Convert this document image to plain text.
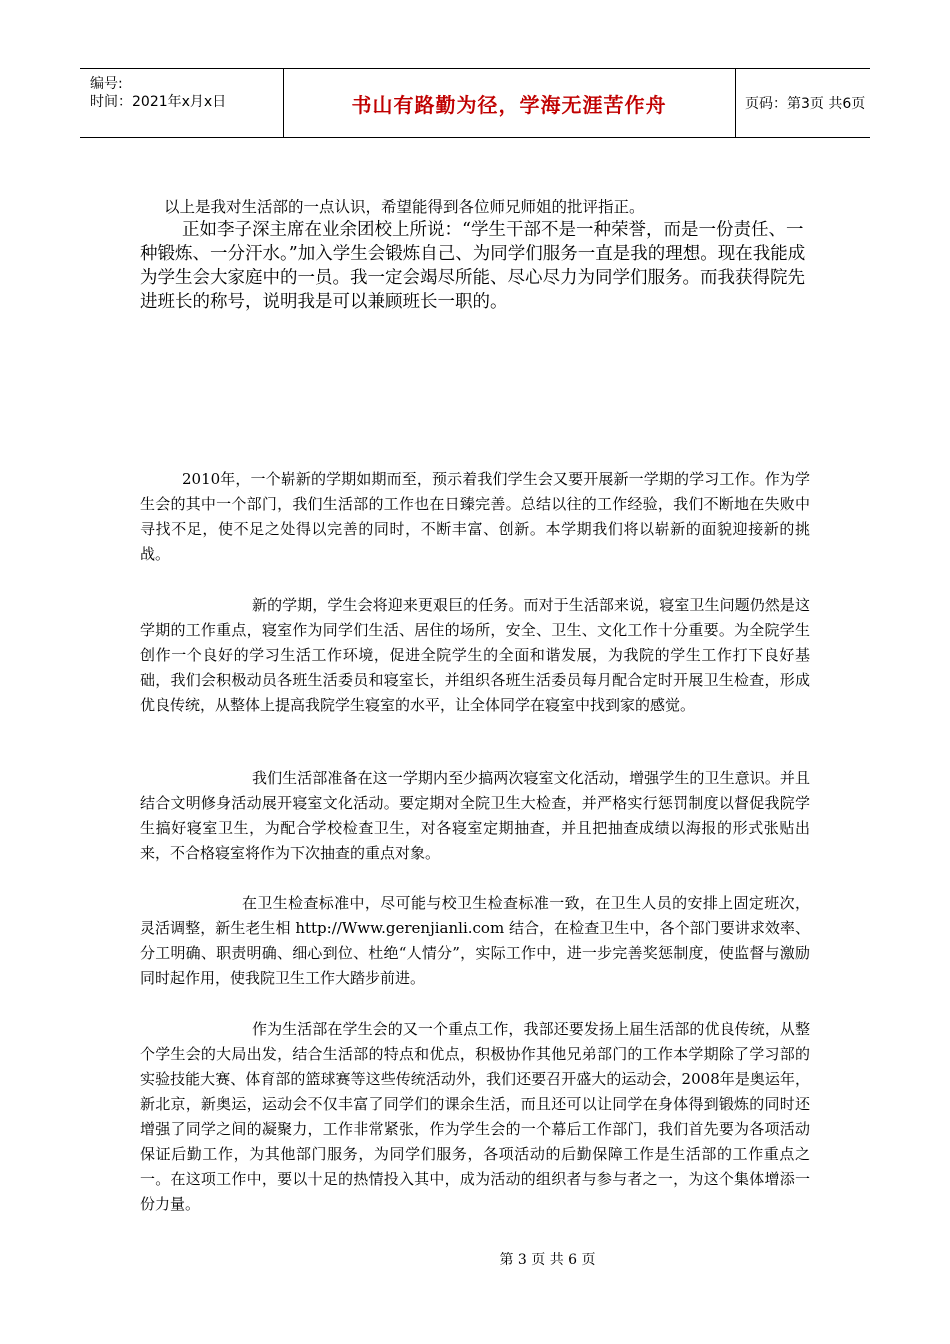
编号:
时间：2021年x月x日	书山有路勤为径，学海无涯苦作舟	页码：第3页 共6页

以上是我对生活部的一点认识，希望能得到各位师兄师姐的批评指正。

正如李子深主席在业余团校上所说：“学生干部不是一种荣誉，而是一份责任、一种锻炼、一分汗水。”加入学生会锻炼自己、为同学们服务一直是我的理想。现在我能成为学生会大家庭中的一员。我一定会竭尽所能、尽心尽力为同学们服务。而我获得院先进班长的称号，说明我是可以兼顾班长一职的。

2010年，一个崭新的学期如期而至，预示着我们学生会又要开展新一学期的学习工作。作为学生会的其中一个部门，我们生活部的工作也在日臻完善。总结以往的工作经验，我们不断地在失败中寻找不足，使不足之处得以完善的同时，不断丰富、创新。本学期我们将以崭新的面貌迎接新的挑战。

新的学期，学生会将迎来更艰巨的任务。而对于生活部来说，寝室卫生问题仍然是这学期的工作重点，寝室作为同学们生活、居住的场所，安全、卫生、文化工作十分重要。为全院学生创作一个良好的学习生活工作环境，促进全院学生的全面和谐发展，为我院的学生工作打下良好基础，我们会积极动员各班生活委员和寝室长，并组织各班生活委员每月配合定时开展卫生检查，形成优良传统，从整体上提高我院学生寝室的水平，让全体同学在寝室中找到家的感觉。

我们生活部准备在这一学期内至少搞两次寝室文化活动，增强学生的卫生意识。并且结合文明修身活动展开寝室文化活动。要定期对全院卫生大检查，并严格实行惩罚制度以督促我院学生搞好寝室卫生，为配合学校检查卫生，对各寝室定期抽查，并且把抽查成绩以海报的形式张贴出来，不合格寝室将作为下次抽查的重点对象。

在卫生检查标准中，尽可能与校卫生检查标准一致，在卫生人员的安排上固定班次，灵活调整，新生老生相 http://Www.gerenjianli.com 结合，在检查卫生中，各个部门要讲求效率、分工明确、职责明确、细心到位、杜绝“人情分”，实际工作中，进一步完善奖惩制度，使监督与激励同时起作用，使我院卫生工作大踏步前进。

作为生活部在学生会的又一个重点工作，我部还要发扬上届生活部的优良传统，从整个学生会的大局出发，结合生活部的特点和优点，积极协作其他兄弟部门的工作本学期除了学习部的实验技能大赛、体育部的篮球赛等这些传统活动外，我们还要召开盛大的运动会，2008年是奥运年，新北京，新奥运，运动会不仅丰富了同学们的课余生活，而且还可以让同学在身体得到锻炼的同时还增强了同学之间的凝聚力，工作非常紧张，作为学生会的一个幕后工作部门，我们首先要为各项活动保证后勤工作，为其他部门服务，为同学们服务，各项活动的后勤保障工作是生活部的工作重点之一。在这项工作中，要以十足的热情投入其中，成为活动的组织者与参与者之一，为这个集体增添一份力量。

第 3 页 共 6 页
